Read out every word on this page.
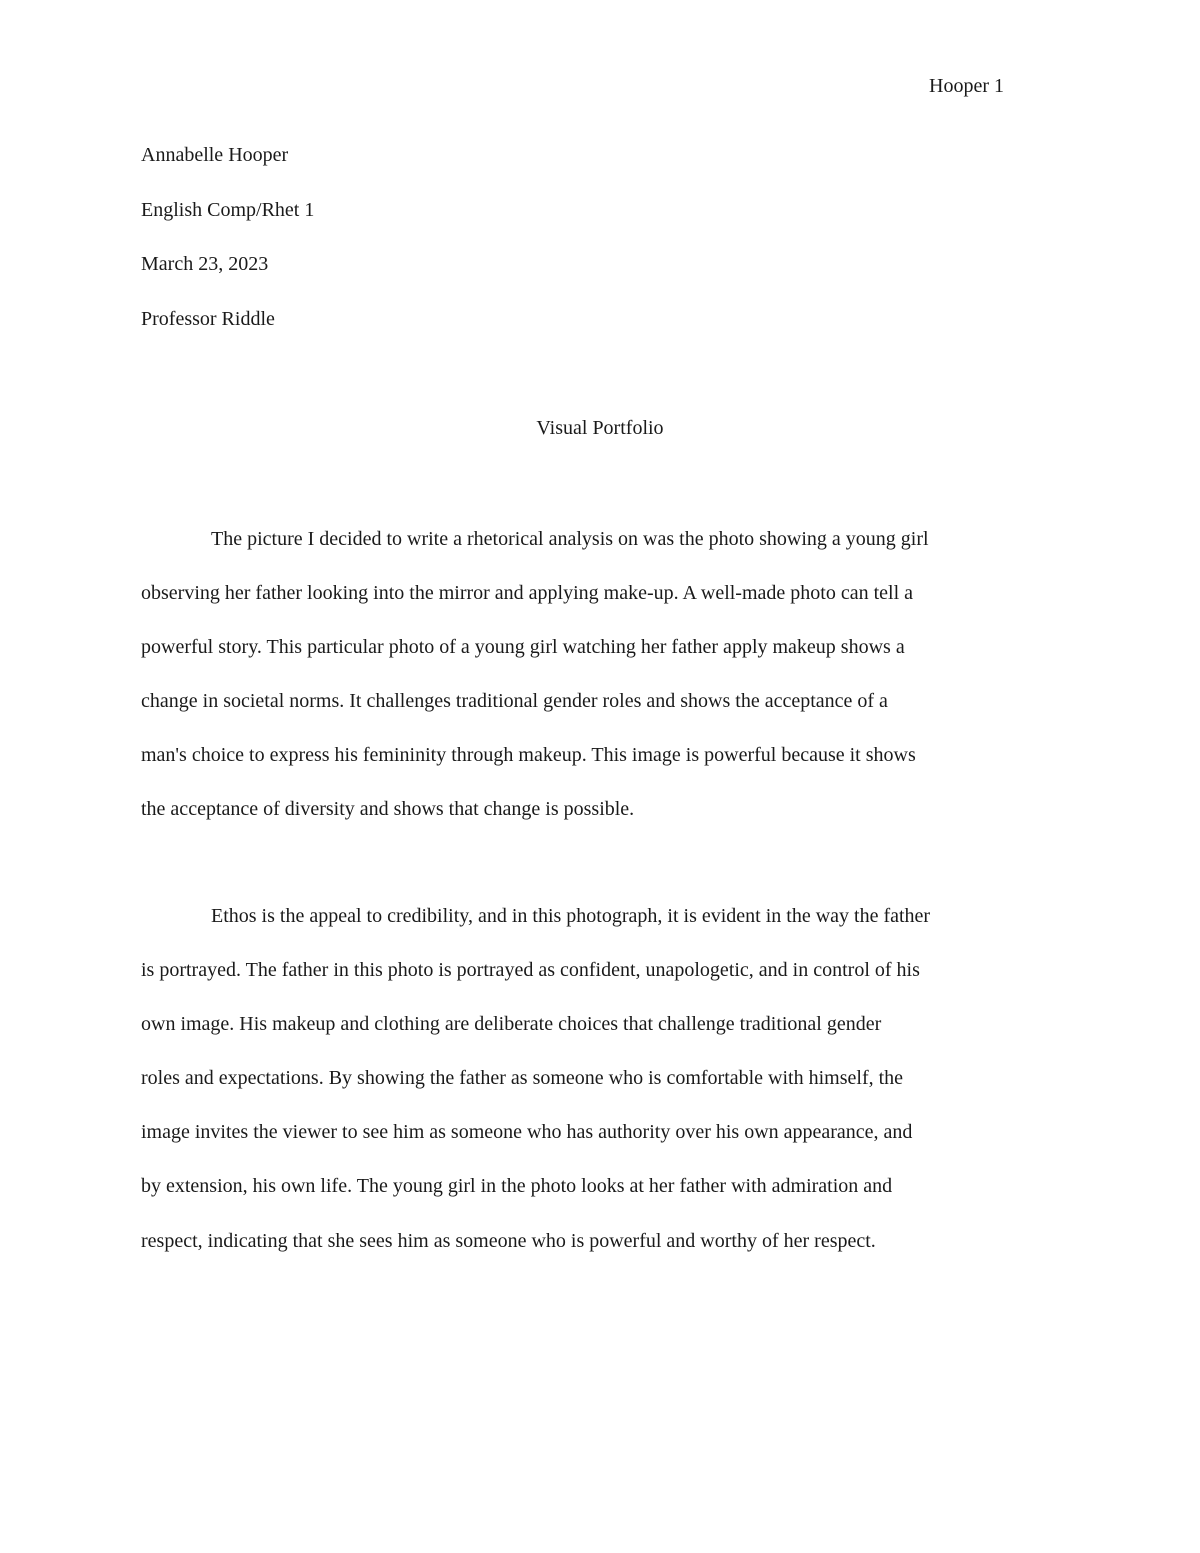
Hooper 1
Annabelle Hooper
English Comp/Rhet 1
March 23, 2023
Professor Riddle
Visual Portfolio
The picture I decided to write a rhetorical analysis on was the photo showing a young girl
observing her father looking into the mirror and applying make-up. A well-made photo can tell a
powerful story. This particular photo of a young girl watching her father apply makeup shows a
change in societal norms. It challenges traditional gender roles and shows the acceptance of a
man's choice to express his femininity through makeup. This image is powerful because it shows
the acceptance of diversity and shows that change is possible.
Ethos is the appeal to credibility, and in this photograph, it is evident in the way the father
is portrayed. The father in this photo is portrayed as confident, unapologetic, and in control of his
own image. His makeup and clothing are deliberate choices that challenge traditional gender
roles and expectations. By showing the father as someone who is comfortable with himself, the
image invites the viewer to see him as someone who has authority over his own appearance, and
by extension, his own life. The young girl in the photo looks at her father with admiration and
respect, indicating that she sees him as someone who is powerful and worthy of her respect.
